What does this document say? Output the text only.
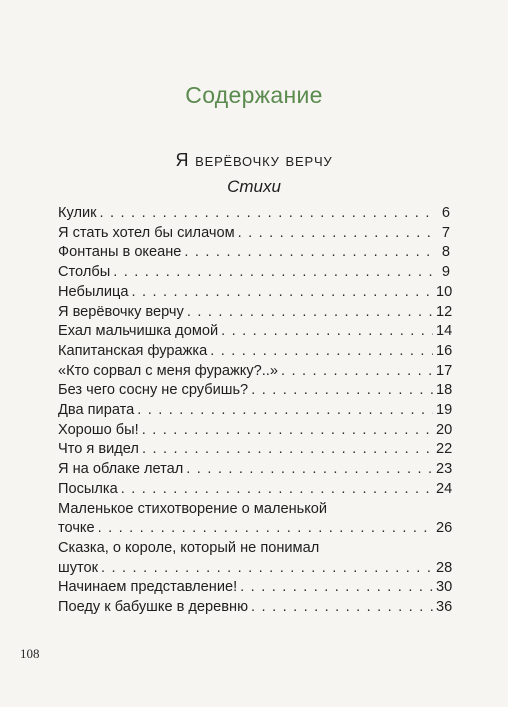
Содержание
Я верёвочку верчу
Стихи
Кулик . . .	6
Я стать хотел бы силачом . . .	7
Фонтаны в океане . . .	8
Столбы . . .	9
Небылица . . .	10
Я верёвочку верчу . . .	12
Ехал мальчишка домой . . .	14
Капитанская фуражка . . .	16
«Кто сорвал с меня фуражку?..» . . .	17
Без чего сосну не срубишь? . . .	18
Два пирата . . .	19
Хорошо бы! . . .	20
Что я видел . . .	22
Я на облаке летал . . .	23
Посылка . . .	24
Маленькое стихотворение о маленькой
точке . . .	26
Сказка, о короле, который не понимал
шуток . . .	28
Начинаем представление! . . .	30
Поеду к бабушке в деревню . . .	36
108
